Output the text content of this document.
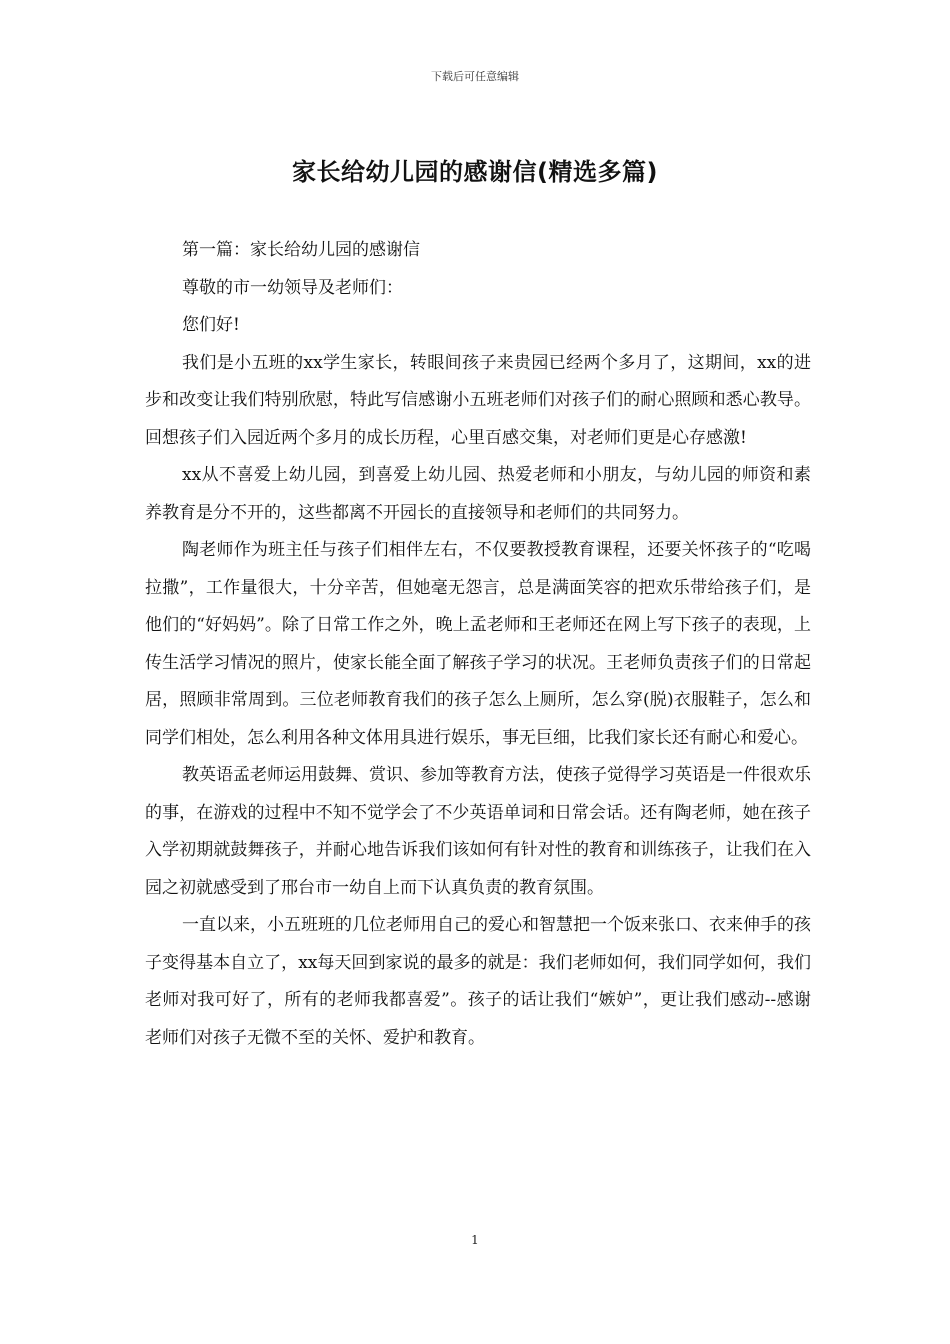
下载后可任意编辑
家长给幼儿园的感谢信(精选多篇)

第一篇：家长给幼儿园的感谢信

尊敬的市一幼领导及老师们：

您们好!

我们是小五班的xx学生家长，转眼间孩子来贵园已经两个多月了，这期间，xx的进步和改变让我们特别欣慰，特此写信感谢小五班老师们对孩子们的耐心照顾和悉心教导。回想孩子们入园近两个多月的成长历程，心里百感交集，对老师们更是心存感激!

xx从不喜爱上幼儿园，到喜爱上幼儿园、热爱老师和小朋友，与幼儿园的师资和素养教育是分不开的，这些都离不开园长的直接领导和老师们的共同努力。

陶老师作为班主任与孩子们相伴左右，不仅要教授教育课程，还要关怀孩子的“吃喝拉撒”，工作量很大，十分辛苦，但她毫无怨言，总是满面笑容的把欢乐带给孩子们，是他们的“好妈妈”。除了日常工作之外，晚上孟老师和王老师还在网上写下孩子的表现，上传生活学习情况的照片，使家长能全面了解孩子学习的状况。王老师负责孩子们的日常起居，照顾非常周到。三位老师教育我们的孩子怎么上厕所，怎么穿(脱)衣服鞋子，怎么和同学们相处，怎么利用各种文体用具进行娱乐，事无巨细，比我们家长还有耐心和爱心。

教英语孟老师运用鼓舞、赏识、参加等教育方法，使孩子觉得学习英语是一件很欢乐的事，在游戏的过程中不知不觉学会了不少英语单词和日常会话。还有陶老师，她在孩子入学初期就鼓舞孩子，并耐心地告诉我们该如何有针对性的教育和训练孩子，让我们在入园之初就感受到了邢台市一幼自上而下认真负责的教育氛围。

一直以来，小五班班的几位老师用自己的爱心和智慧把一个饭来张口、衣来伸手的孩子变得基本自立了，xx每天回到家说的最多的就是：我们老师如何，我们同学如何，我们老师对我可好了，所有的老师我都喜爱”。孩子的话让我们“嫉妒”，更让我们感动--感谢老师们对孩子无微不至的关怀、爱护和教育。

1
